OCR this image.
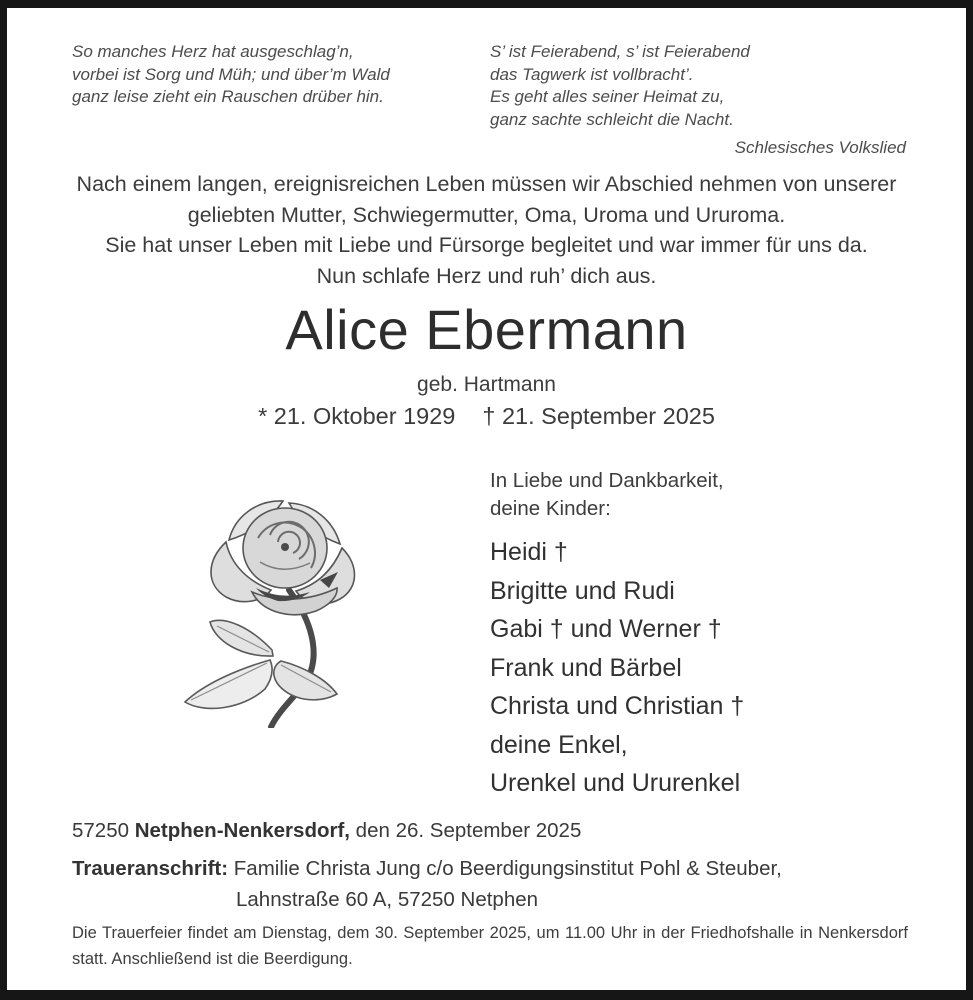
So manches Herz hat ausgeschlag’n,
vorbei ist Sorg und Müh; und über’m Wald
ganz leise zieht ein Rauschen drüber hin.
S’ ist Feierabend, s’ ist Feierabend
das Tagwerk ist vollbracht’.
Es geht alles seiner Heimat zu,
ganz sachte schleicht die Nacht.
Schlesisches Volkslied
Nach einem langen, ereignisreichen Leben müssen wir Abschied nehmen von unserer
geliebten Mutter, Schwiegermutter, Oma, Uroma und Ururoma.
Sie hat unser Leben mit Liebe und Fürsorge begleitet und war immer für uns da.
Nun schlafe Herz und ruh’ dich aus.
Alice Ebermann
geb. Hartmann
* 21. Oktober 1929 † 21. September 2025
In Liebe und Dankbarkeit,
deine Kinder:
Heidi †
Brigitte und Rudi
Gabi † und Werner †
Frank und Bärbel
Christa und Christian †
deine Enkel,
Urenkel und Ururenkel
57250 Netphen-Nenkersdorf, den 26. September 2025
Traueranschrift: Familie Christa Jung c/o Beerdigungsinstitut Pohl & Steuber,
Lahnstraße 60 A, 57250 Netphen
Die Trauerfeier findet am Dienstag, dem 30. September 2025, um 11.00 Uhr in der Friedhofshalle in Nenkersdorf statt. Anschließend ist die Beerdigung.
